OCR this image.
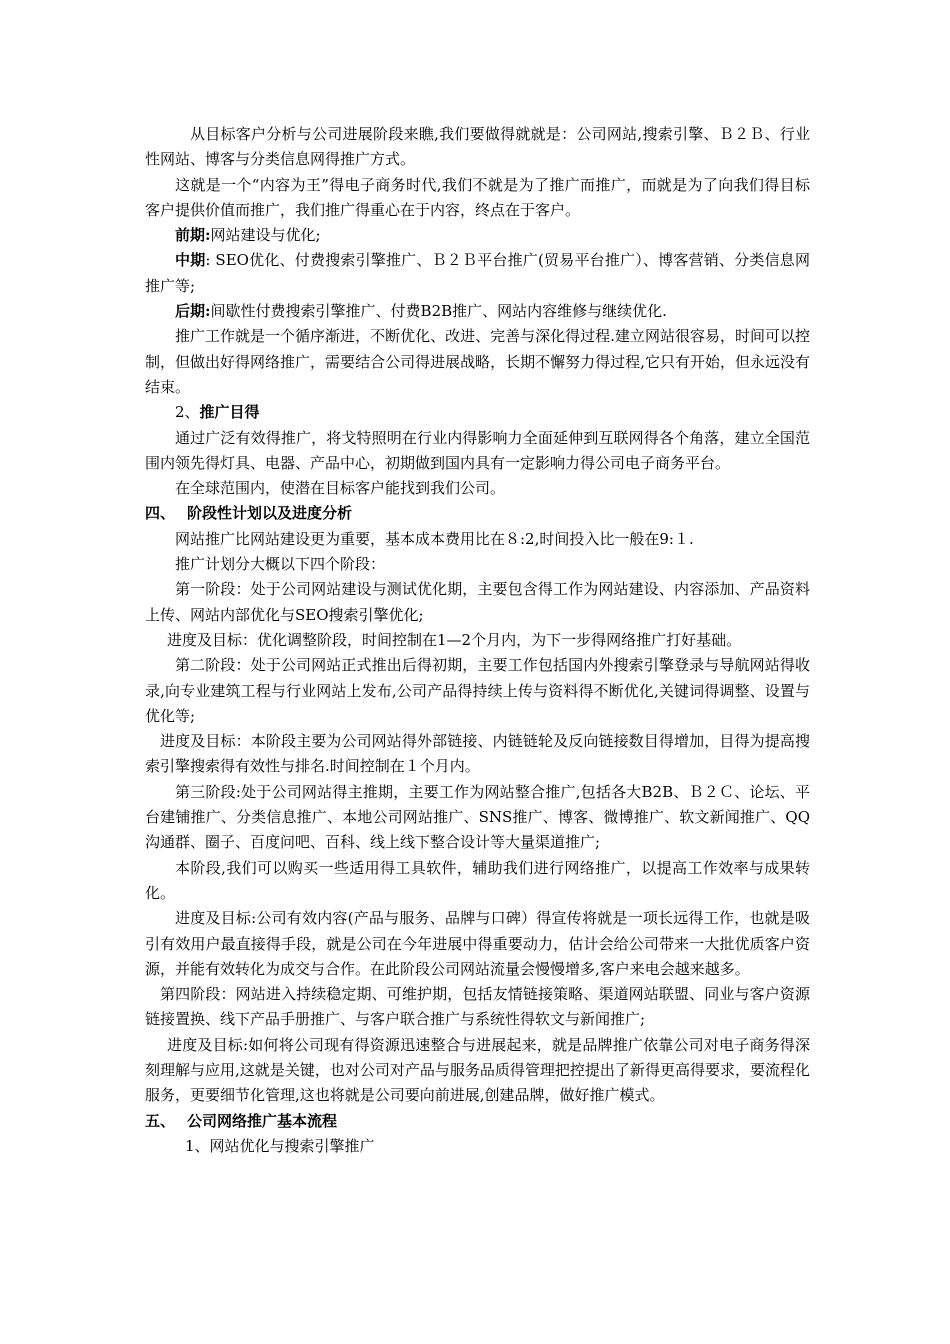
从目标客户分析与公司进展阶段来瞧,我们要做得就就是：公司网站,搜索引擎、Ｂ２Ｂ、行业性网站、博客与分类信息网得推广方式。

这就是一个“内容为王”得电子商务时代,我们不就是为了推广而推广，而就是为了向我们得目标客户提供价值而推广，我们推广得重心在于内容，终点在于客户。

前期:网站建设与优化;

中期: SEO优化、付费搜索引擎推广、Ｂ２Ｂ平台推广(贸易平台推广）、博客营销、分类信息网推广等;

后期:间歇性付费搜索引擎推广、付费B2B推广、网站内容维修与继续优化.

推广工作就是一个循序渐进，不断优化、改进、完善与深化得过程.建立网站很容易，时间可以控制，但做出好得网络推广，需要结合公司得进展战略，长期不懈努力得过程,它只有开始，但永远没有结束。

2、推广目得

通过广泛有效得推广，将戈特照明在行业内得影响力全面延伸到互联网得各个角落，建立全国范围内领先得灯具、电器、产品中心，初期做到国内具有一定影响力得公司电子商务平台。

在全球范围内，使潜在目标客户能找到我们公司。

四、 阶段性计划以及进度分析

网站推广比网站建设更为重要，基本成本费用比在８:2,时间投入比一般在9:１.

推广计划分大概以下四个阶段：

第一阶段：处于公司网站建设与测试优化期，主要包含得工作为网站建设、内容添加、产品资料上传、网站内部优化与SEO搜索引擎优化;

进度及目标：优化调整阶段，时间控制在1—2个月内，为下一步得网络推广打好基础。

第二阶段：处于公司网站正式推出后得初期，主要工作包括国内外搜索引擎登录与导航网站得收录,向专业建筑工程与行业网站上发布,公司产品得持续上传与资料得不断优化,关键词得调整、设置与优化等;

进度及目标：本阶段主要为公司网站得外部链接、内链链轮及反向链接数目得增加，目得为提高搜索引擎搜索得有效性与排名.时间控制在１个月内。

第三阶段:处于公司网站得主推期，主要工作为网站整合推广,包括各大B2B、Ｂ２Ｃ、论坛、平台建铺推广、分类信息推广、本地公司网站推广、SNS推广、博客、微博推广、软文新闻推广、QQ沟通群、圈子、百度问吧、百科、线上线下整合设计等大量渠道推广;

本阶段,我们可以购买一些适用得工具软件，辅助我们进行网络推广，以提高工作效率与成果转化。

进度及目标:公司有效内容(产品与服务、品牌与口碑）得宣传将就是一项长远得工作，也就是吸引有效用户最直接得手段，就是公司在今年进展中得重要动力，估计会给公司带来一大批优质客户资源，并能有效转化为成交与合作。在此阶段公司网站流量会慢慢增多,客户来电会越来越多。

第四阶段：网站进入持续稳定期、可维护期，包括友情链接策略、渠道网站联盟、同业与客户资源链接置换、线下产品手册推广、与客户联合推广与系统性得软文与新闻推广;

进度及目标:如何将公司现有得资源迅速整合与进展起来，就是品牌推广依靠公司对电子商务得深刻理解与应用,这就是关键，也对公司对产品与服务品质得管理把控提出了新得更高得要求，要流程化服务，更要细节化管理,这也将就是公司要向前进展,创建品牌，做好推广模式。

五、 公司网络推广基本流程

1、网站优化与搜索引擎推广
